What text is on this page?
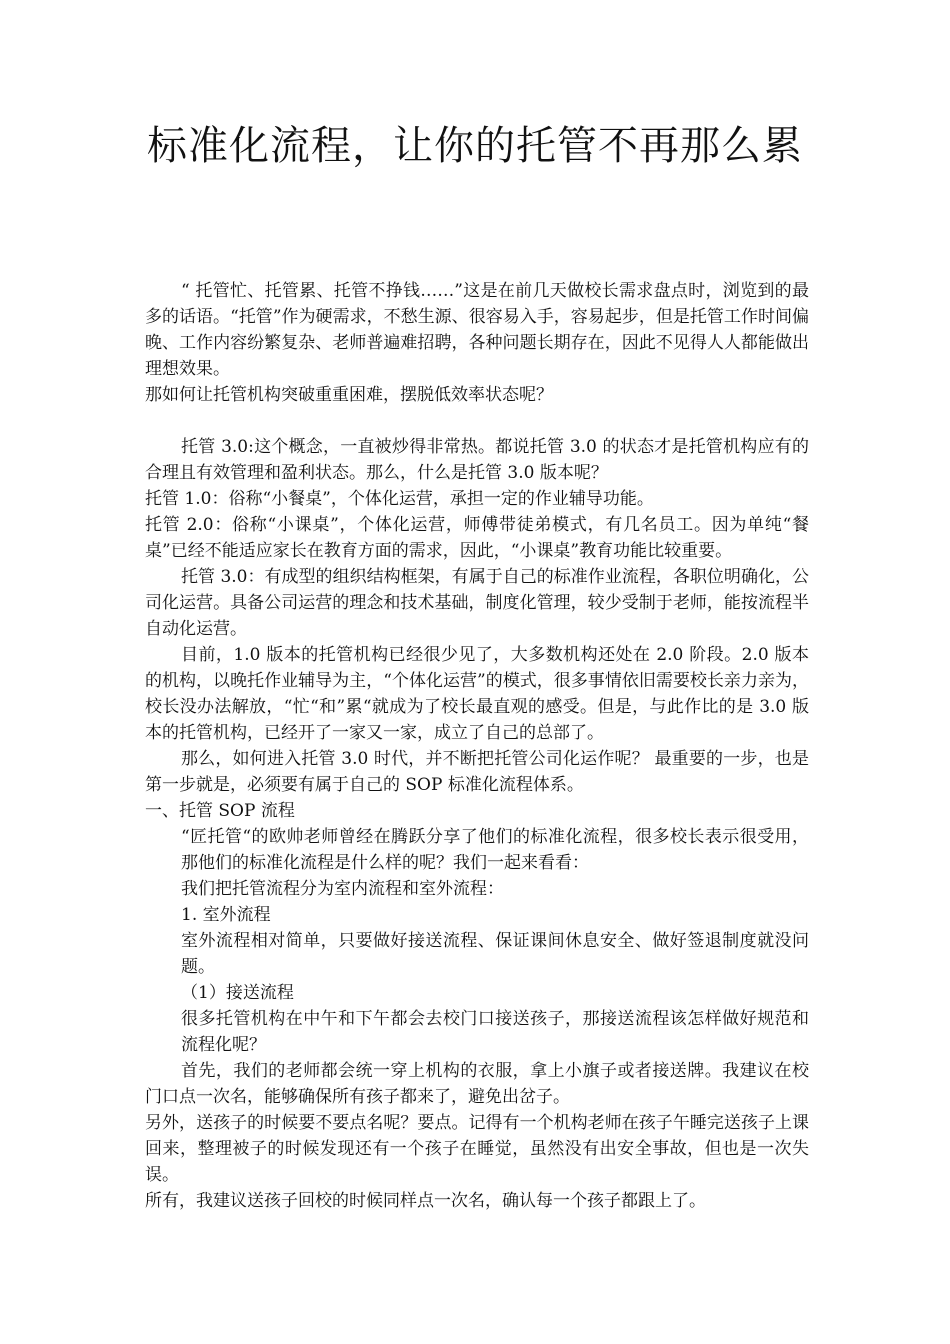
标准化流程，让你的托管不再那么累

“ 托管忙、托管累、托管不挣钱……”这是在前几天做校长需求盘点时，浏览到的最多的话语。“托管”作为硬需求，不愁生源、很容易入手，容易起步，但是托管工作时间偏晚、工作内容纷繁复杂、老师普遍难招聘，各种问题长期存在，因此不见得人人都能做出理想效果。

那如何让托管机构突破重重困难，摆脱低效率状态呢？

托管 3.0:这个概念，一直被炒得非常热。都说托管 3.0 的状态才是托管机构应有的合理且有效管理和盈利状态。那么，什么是托管 3.0 版本呢？

托管 1.0：俗称“小餐桌”，个体化运营，承担一定的作业辅导功能。

托管 2.0：俗称“小课桌”，个体化运营，师傅带徒弟模式，有几名员工。因为单纯“餐桌”已经不能适应家长在教育方面的需求，因此，“小课桌”教育功能比较重要。

托管 3.0：有成型的组织结构框架，有属于自己的标准作业流程，各职位明确化，公司化运营。具备公司运营的理念和技术基础，制度化管理，较少受制于老师，能按流程半自动化运营。

目前，1.0 版本的托管机构已经很少见了，大多数机构还处在 2.0 阶段。2.0 版本的机构，以晚托作业辅导为主，“个体化运营”的模式，很多事情依旧需要校长亲力亲为，校长没办法解放，“忙“和”累“就成为了校长最直观的感受。但是，与此作比的是 3.0 版本的托管机构，已经开了一家又一家，成立了自己的总部了。

那么，如何进入托管 3.0 时代，并不断把托管公司化运作呢？ 最重要的一步，也是第一步就是，必须要有属于自己的 SOP 标准化流程体系。

一、托管 SOP 流程

“匠托管“的欧帅老师曾经在腾跃分享了他们的标准化流程，很多校长表示很受用，那他们的标准化流程是什么样的呢？我们一起来看看：

我们把托管流程分为室内流程和室外流程：

1. 室外流程

室外流程相对简单，只要做好接送流程、保证课间休息安全、做好签退制度就没问题。

（1）接送流程

很多托管机构在中午和下午都会去校门口接送孩子，那接送流程该怎样做好规范和流程化呢？

首先，我们的老师都会统一穿上机构的衣服，拿上小旗子或者接送牌。我建议在校门口点一次名，能够确保所有孩子都来了，避免出岔子。

另外，送孩子的时候要不要点名呢？要点。记得有一个机构老师在孩子午睡完送孩子上课回来，整理被子的时候发现还有一个孩子在睡觉，虽然没有出安全事故，但也是一次失误。

所有，我建议送孩子回校的时候同样点一次名，确认每一个孩子都跟上了。
